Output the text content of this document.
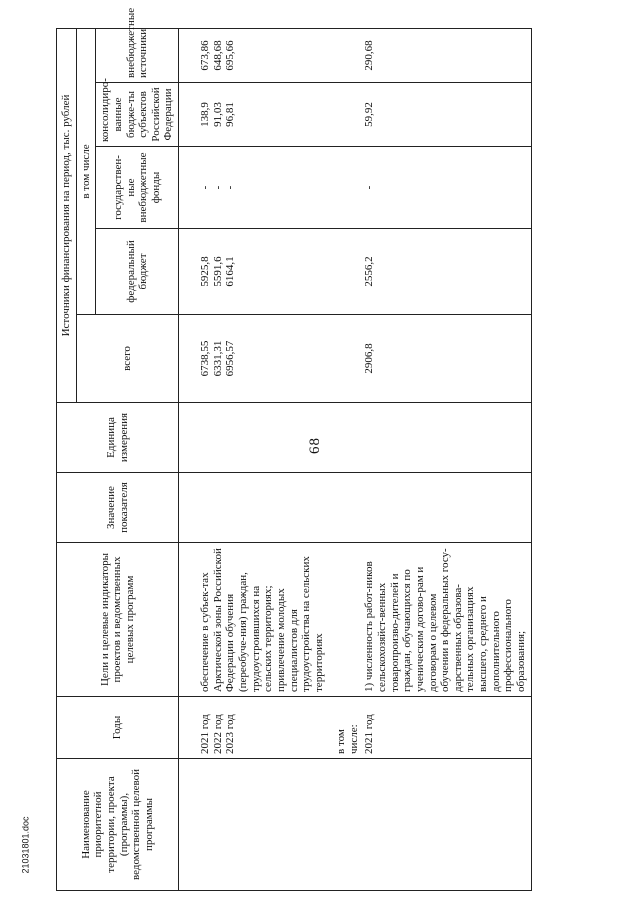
68
21031801.doc	Наименование приоритетной территории, проекта (программы), ведомственной целевой программы	Годы	Цели и целевые индикаторы проектов и ведомственных целевых программ	Значение показателя	Единица измерения	Источники финансирования на период, тыс. рублей				
					всего	в том числе			
						федеральный бюджет	государствен-ные внебюджетные фонды	консолидиро-ванные бюдже-ты субъектов Российской Федерации	внебюджетные источники

	2021 год	обеспечение в субъек-тах Арктической зоны Российской Федерации обучения (переобуче-ния) граждан, трудоустроившихся на сельских территориях; привлечение молодых специалистов для трудоустройства на сельских территориях			6738,55	5925,8	-	138,9	673,86
	2022 год				6331,31	5591,6	-	91,03	648,68
	2023 год				6956,57	6164,1	-	96,81	695,66

	в том числе:								
	2021 год	1) численность работ-ников сельскохозяйст-венных товаропроизво-дителей и граждан, обучающихся по ученическим догово-рам и договорам о целевом обучении в федеральных госу-дарственных образова-тельных организациях высшего, среднего и дополнительного профессионального образования;			2906,8	2556,2	-	59,92	290,68
